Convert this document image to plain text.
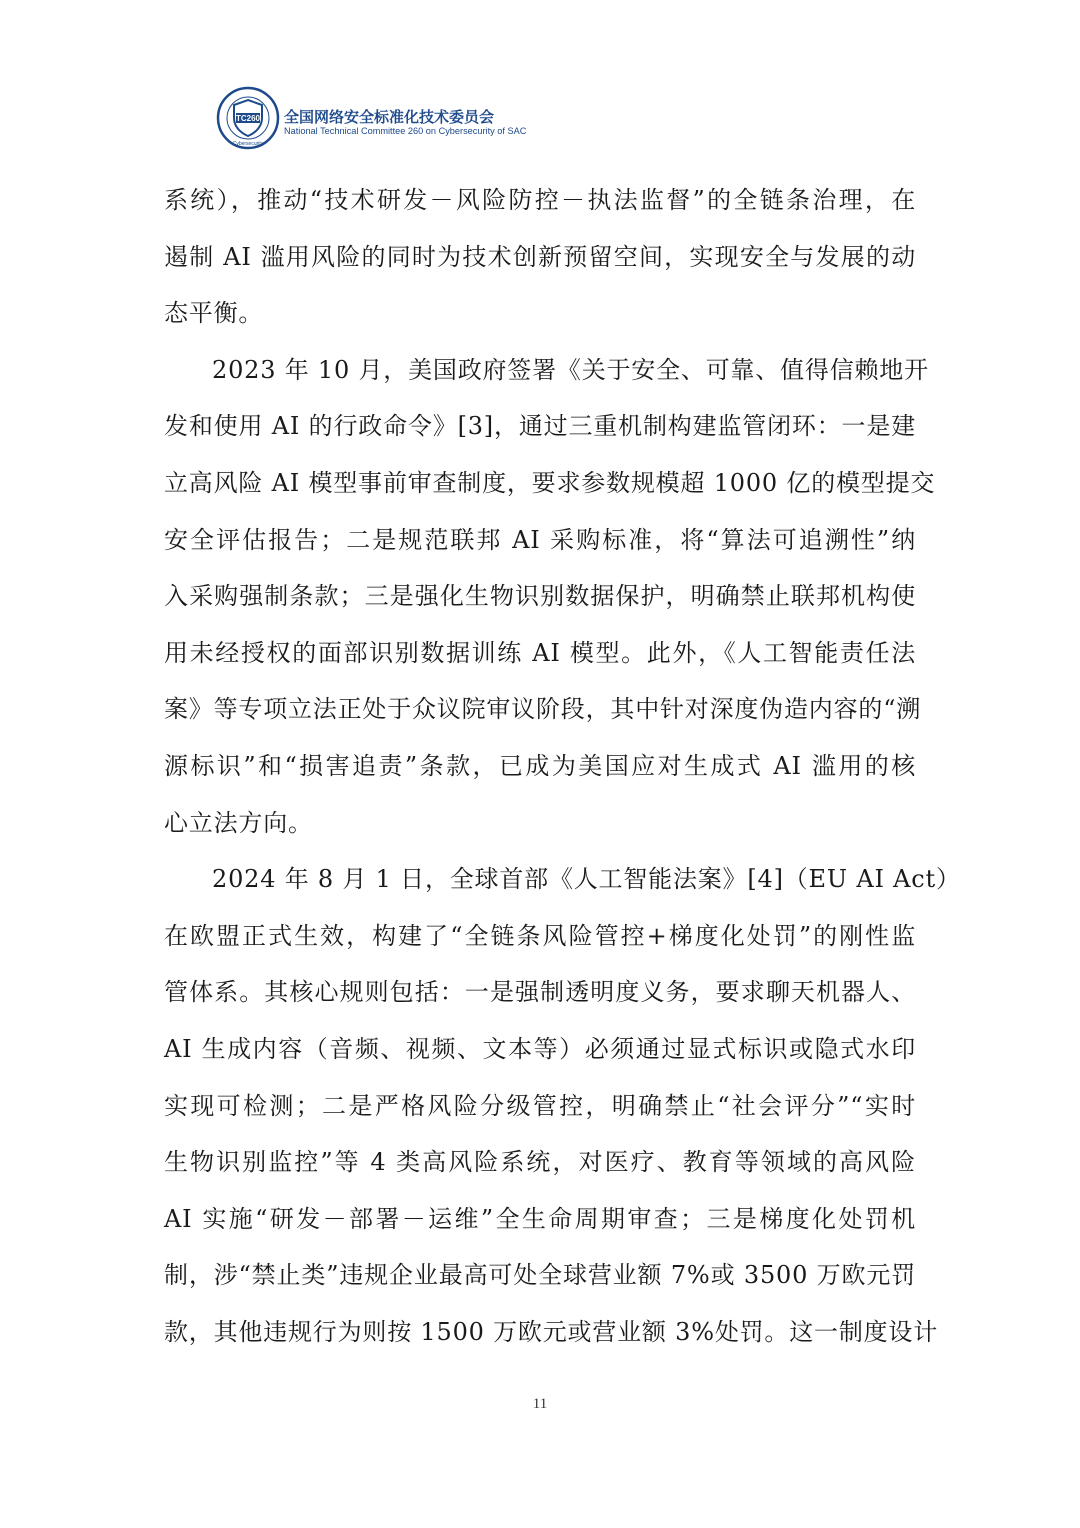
TC260
Cybersecurity
全国网络安全标准化技术委员会
National Technical Committee 260 on Cybersecurity of SAC
系统），推动“技术研发－风险防控－执法监督”的全链条治理，在
遏制 AI 滥用风险的同时为技术创新预留空间，实现安全与发展的动
态平衡。
2023 年 10 月，美国政府签署《关于安全、可靠、值得信赖地开
发和使用 AI 的行政命令》[3]，通过三重机制构建监管闭环：一是建
立高风险 AI 模型事前审查制度，要求参数规模超 1000 亿的模型提交
安全评估报告；二是规范联邦 AI 采购标准，将“算法可追溯性”纳
入采购强制条款；三是强化生物识别数据保护，明确禁止联邦机构使
用未经授权的面部识别数据训练 AI 模型。此外，《人工智能责任法
案》等专项立法正处于众议院审议阶段，其中针对深度伪造内容的“溯
源标识”和“损害追责”条款，已成为美国应对生成式 AI 滥用的核
心立法方向。
2024 年 8 月 1 日，全球首部《人工智能法案》[4]（EU AI Act）
在欧盟正式生效，构建了“全链条风险管控+梯度化处罚”的刚性监
管体系。其核心规则包括：一是强制透明度义务，要求聊天机器人、
AI 生成内容（音频、视频、文本等）必须通过显式标识或隐式水印
实现可检测；二是严格风险分级管控，明确禁止“社会评分”“实时
生物识别监控”等 4 类高风险系统，对医疗、教育等领域的高风险
AI 实施“研发－部署－运维”全生命周期审查；三是梯度化处罚机
制，涉“禁止类”违规企业最高可处全球营业额 7%或 3500 万欧元罚
款，其他违规行为则按 1500 万欧元或营业额 3%处罚。这一制度设计
11
